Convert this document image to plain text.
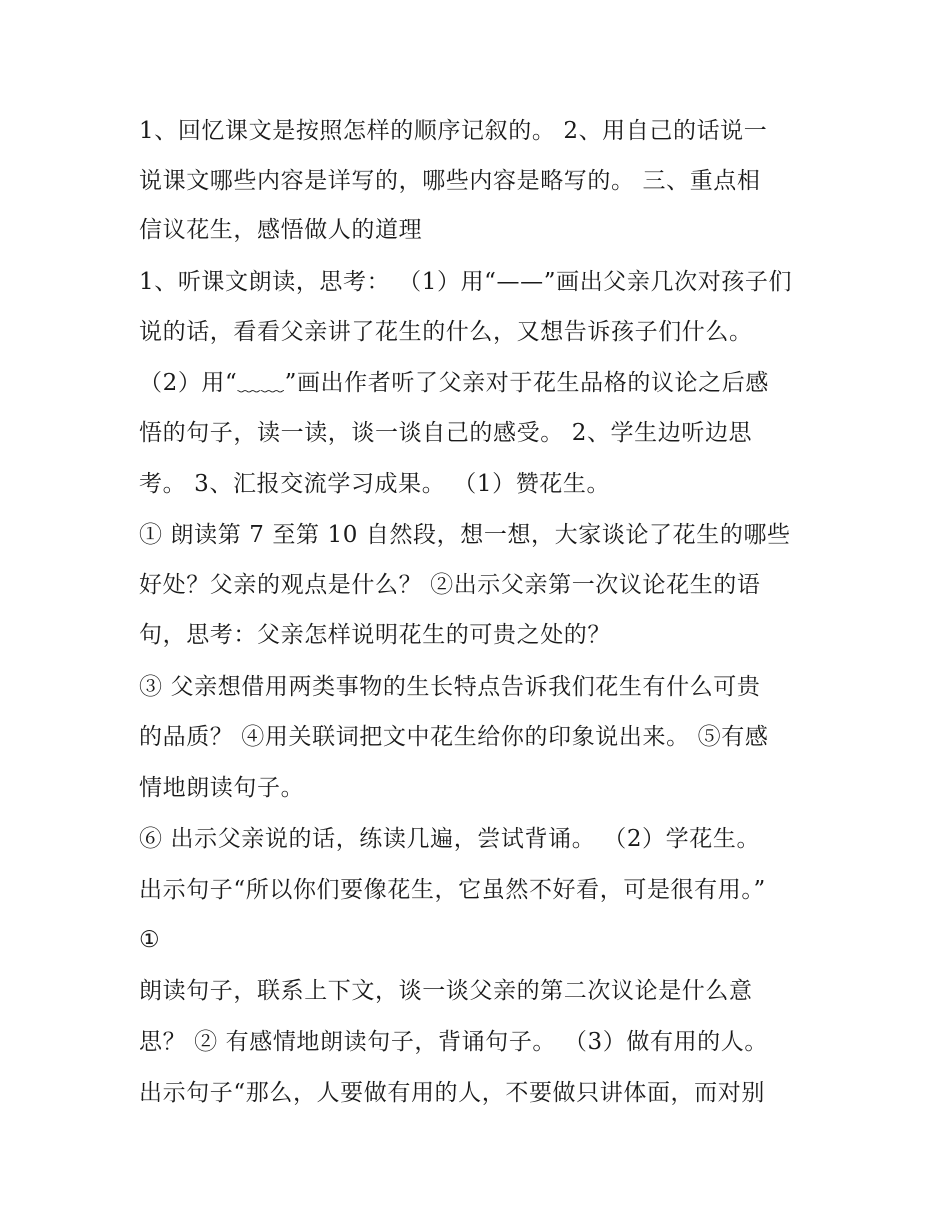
1、回忆课文是按照怎样的顺序记叙的。 2、用自己的话说一
说课文哪些内容是详写的，哪些内容是略写的。 三、重点相
信议花生，感悟做人的道理
1、听课文朗读，思考： （1）用“——”画出父亲几次对孩子们
说的话，看看父亲讲了花生的什么，又想告诉孩子们什么。
（2）用“﹏﹏”画出作者听了父亲对于花生品格的议论之后感
悟的句子，读一读，谈一谈自己的感受。 2、学生边听边思
考。 3、汇报交流学习成果。 （1）赞花生。
① 朗读第 7 至第 10 自然段，想一想，大家谈论了花生的哪些
好处？父亲的观点是什么？ ②出示父亲第一次议论花生的语
句，思考：父亲怎样说明花生的可贵之处的？
③ 父亲想借用两类事物的生长特点告诉我们花生有什么可贵
的品质？ ④用关联词把文中花生给你的印象说出来。 ⑤有感
情地朗读句子。
⑥ 出示父亲说的话，练读几遍，尝试背诵。 （2）学花生。
出示句子“所以你们要像花生，它虽然不好看，可是很有用。”
①
朗读句子，联系上下文，谈一谈父亲的第二次议论是什么意
思？ ② 有感情地朗读句子，背诵句子。 （3）做有用的人。
出示句子“那么，人要做有用的人，不要做只讲体面，而对别
